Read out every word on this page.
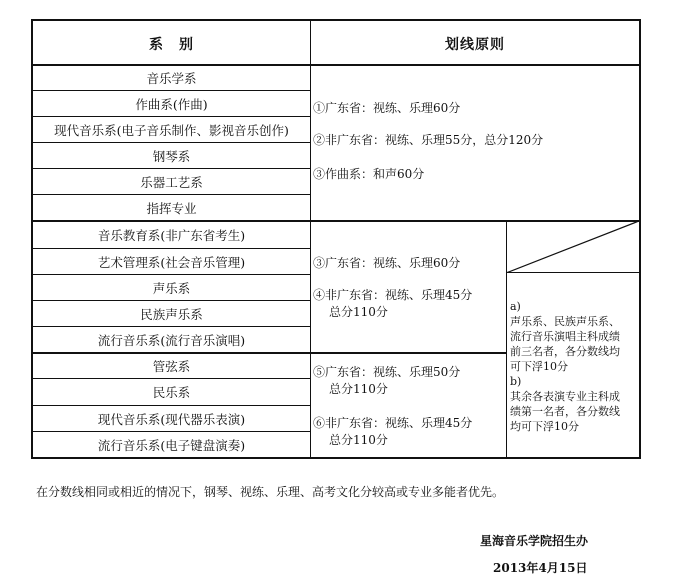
系　别	划线原则
音乐学系
作曲系(作曲)
现代音乐系(电子音乐制作、影视音乐创作)
钢琴系
乐器工艺系
指挥专业
①广东省：视练、乐理60分
②非广东省：视练、乐理55分，总分120分
③作曲系：和声60分
音乐教育系(非广东省考生)
艺术管理系(社会音乐管理)
声乐系
民族声乐系
流行音乐系(流行音乐演唱)
③广东省：视练、乐理60分
④非广东省：视练、乐理45分
总分110分
管弦系
民乐系
现代音乐系(现代器乐表演)
流行音乐系(电子键盘演奏)
⑤广东省：视练、乐理50分
总分110分
⑥非广东省：视练、乐理45分
总分110分
a)
声乐系、民族声乐系、
流行音乐演唱主科成绩
前三名者，各分数线均
可下浮10分
b)
其余各表演专业主科成
绩第一名者，各分数线
均可下浮10分
在分数线相同或相近的情况下，钢琴、视练、乐理、高考文化分较高或专业多能者优先。
星海音乐学院招生办
2013年4月15日
